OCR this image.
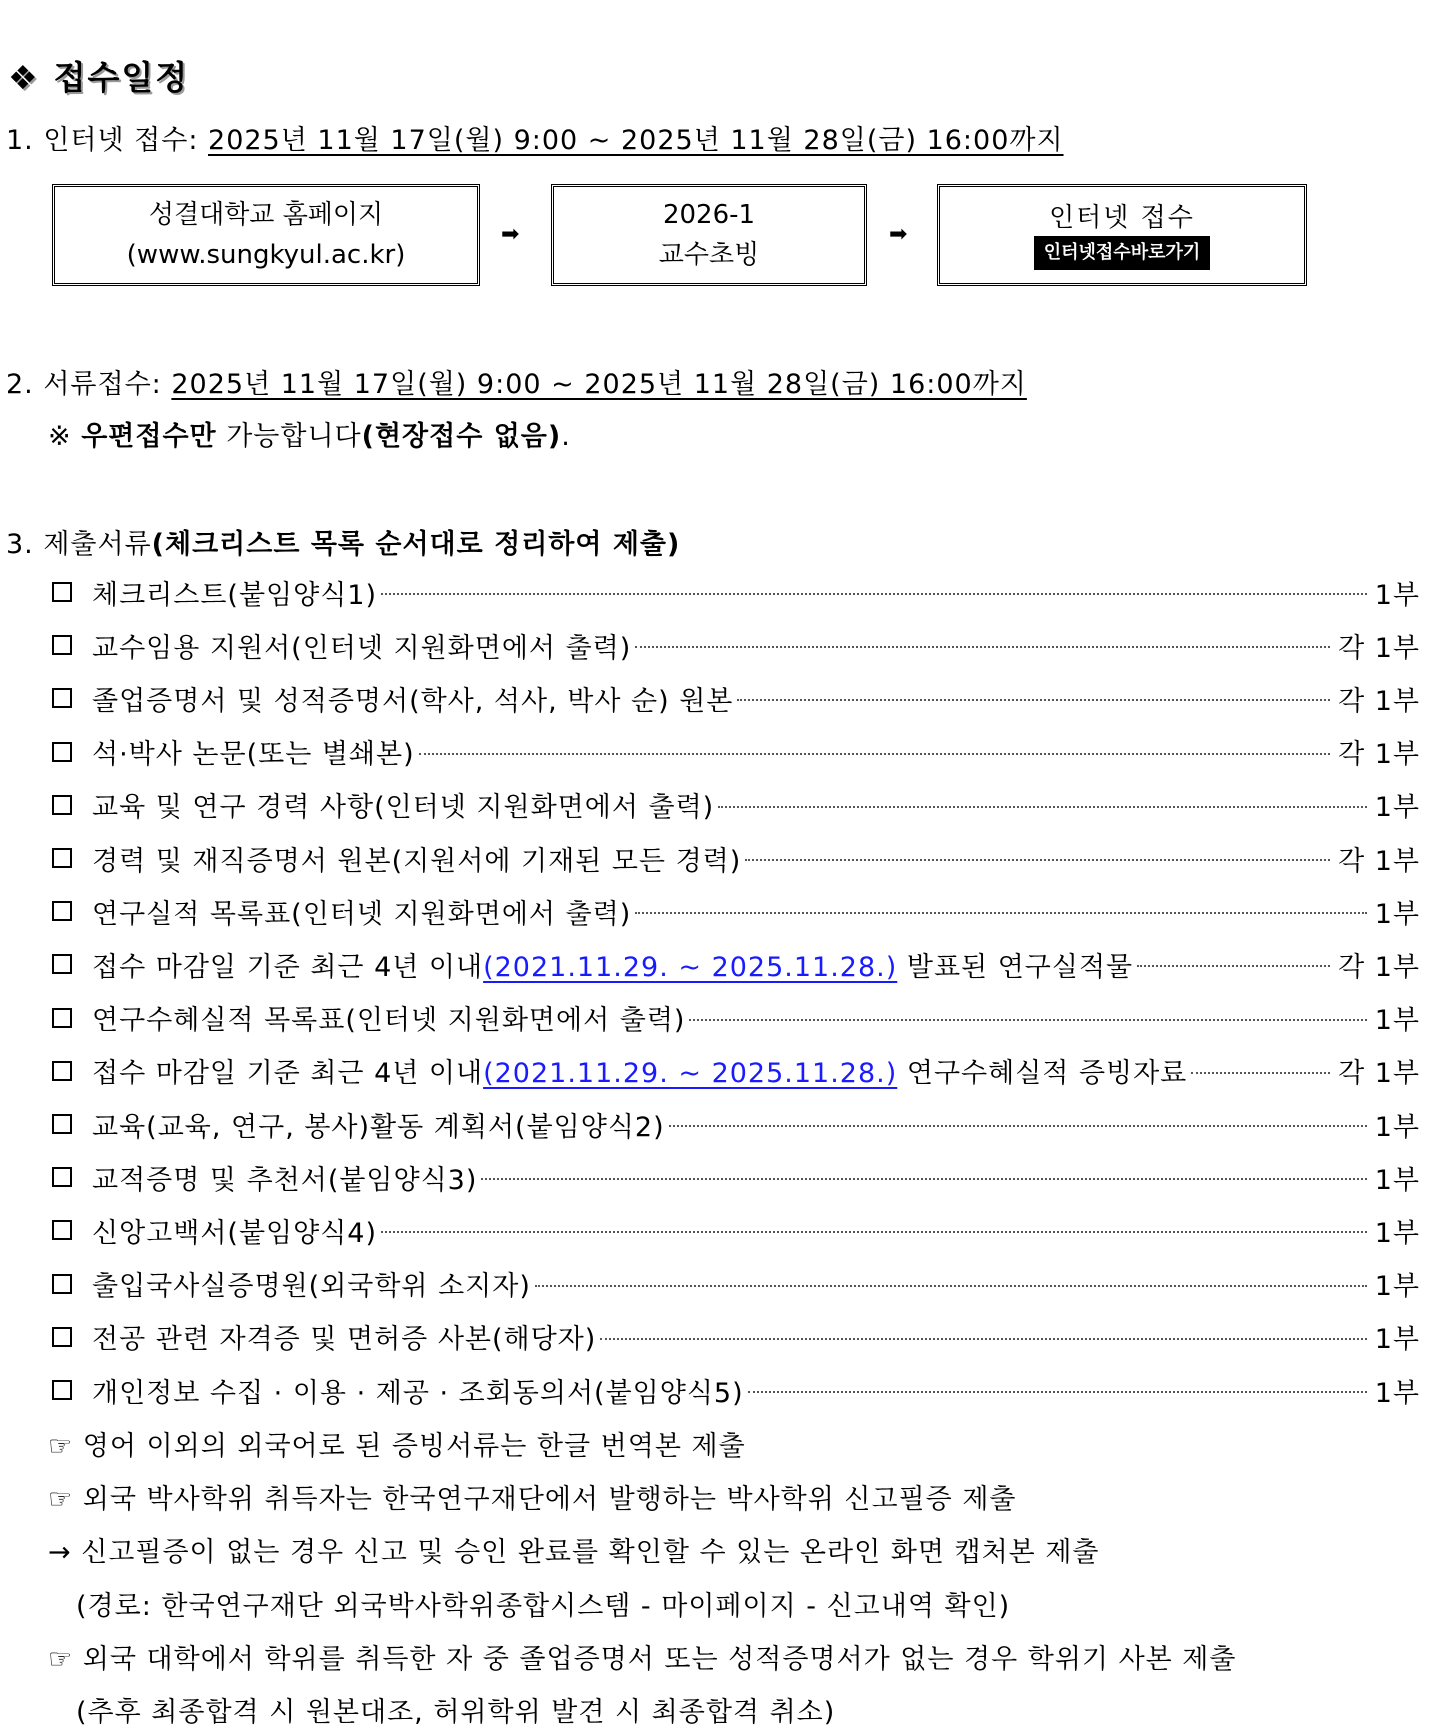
❖ 접수일정
1. 인터넷 접수: 2025년 11월 17일(월) 9:00 ~ 2025년 11월 28일(금) 16:00까지
성결대학교 홈페이지
(www.sungkyul.ac.kr)
➡
2026-1
교수초빙
➡
인터넷 접수
인터넷접수바로가기
2. 서류접수: 2025년 11월 17일(월) 9:00 ~ 2025년 11월 28일(금) 16:00까지
※ 우편접수만 가능합니다(현장접수 없음).
3. 제출서류(체크리스트 목록 순서대로 정리하여 제출)
체크리스트(붙임양식1)	1부
교수임용 지원서(인터넷 지원화면에서 출력)	각 1부
졸업증명서 및 성적증명서(학사, 석사, 박사 순) 원본	각 1부
석·박사 논문(또는 별쇄본)	각 1부
교육 및 연구 경력 사항(인터넷 지원화면에서 출력)	1부
경력 및 재직증명서 원본(지원서에 기재된 모든 경력)	각 1부
연구실적 목록표(인터넷 지원화면에서 출력)	1부
접수 마감일 기준 최근 4년 이내(2021.11.29. ~ 2025.11.28.) 발표된 연구실적물	각 1부
연구수혜실적 목록표(인터넷 지원화면에서 출력)	1부
접수 마감일 기준 최근 4년 이내(2021.11.29. ~ 2025.11.28.) 연구수혜실적 증빙자료	각 1부
교육(교육, 연구, 봉사)활동 계획서(붙임양식2)	1부
교적증명 및 추천서(붙임양식3)	1부
신앙고백서(붙임양식4)	1부
출입국사실증명원(외국학위 소지자)	1부
전공 관련 자격증 및 면허증 사본(해당자)	1부
개인정보 수집 · 이용 · 제공 · 조회동의서(붙임양식5)	1부
☞ 영어 이외의 외국어로 된 증빙서류는 한글 번역본 제출
☞ 외국 박사학위 취득자는 한국연구재단에서 발행하는 박사학위 신고필증 제출
→ 신고필증이 없는 경우 신고 및 승인 완료를 확인할 수 있는 온라인 화면 캡처본 제출
(경로: 한국연구재단 외국박사학위종합시스템 - 마이페이지 - 신고내역 확인)
☞ 외국 대학에서 학위를 취득한 자 중 졸업증명서 또는 성적증명서가 없는 경우 학위기 사본 제출
(추후 최종합격 시 원본대조, 허위학위 발견 시 최종합격 취소)
